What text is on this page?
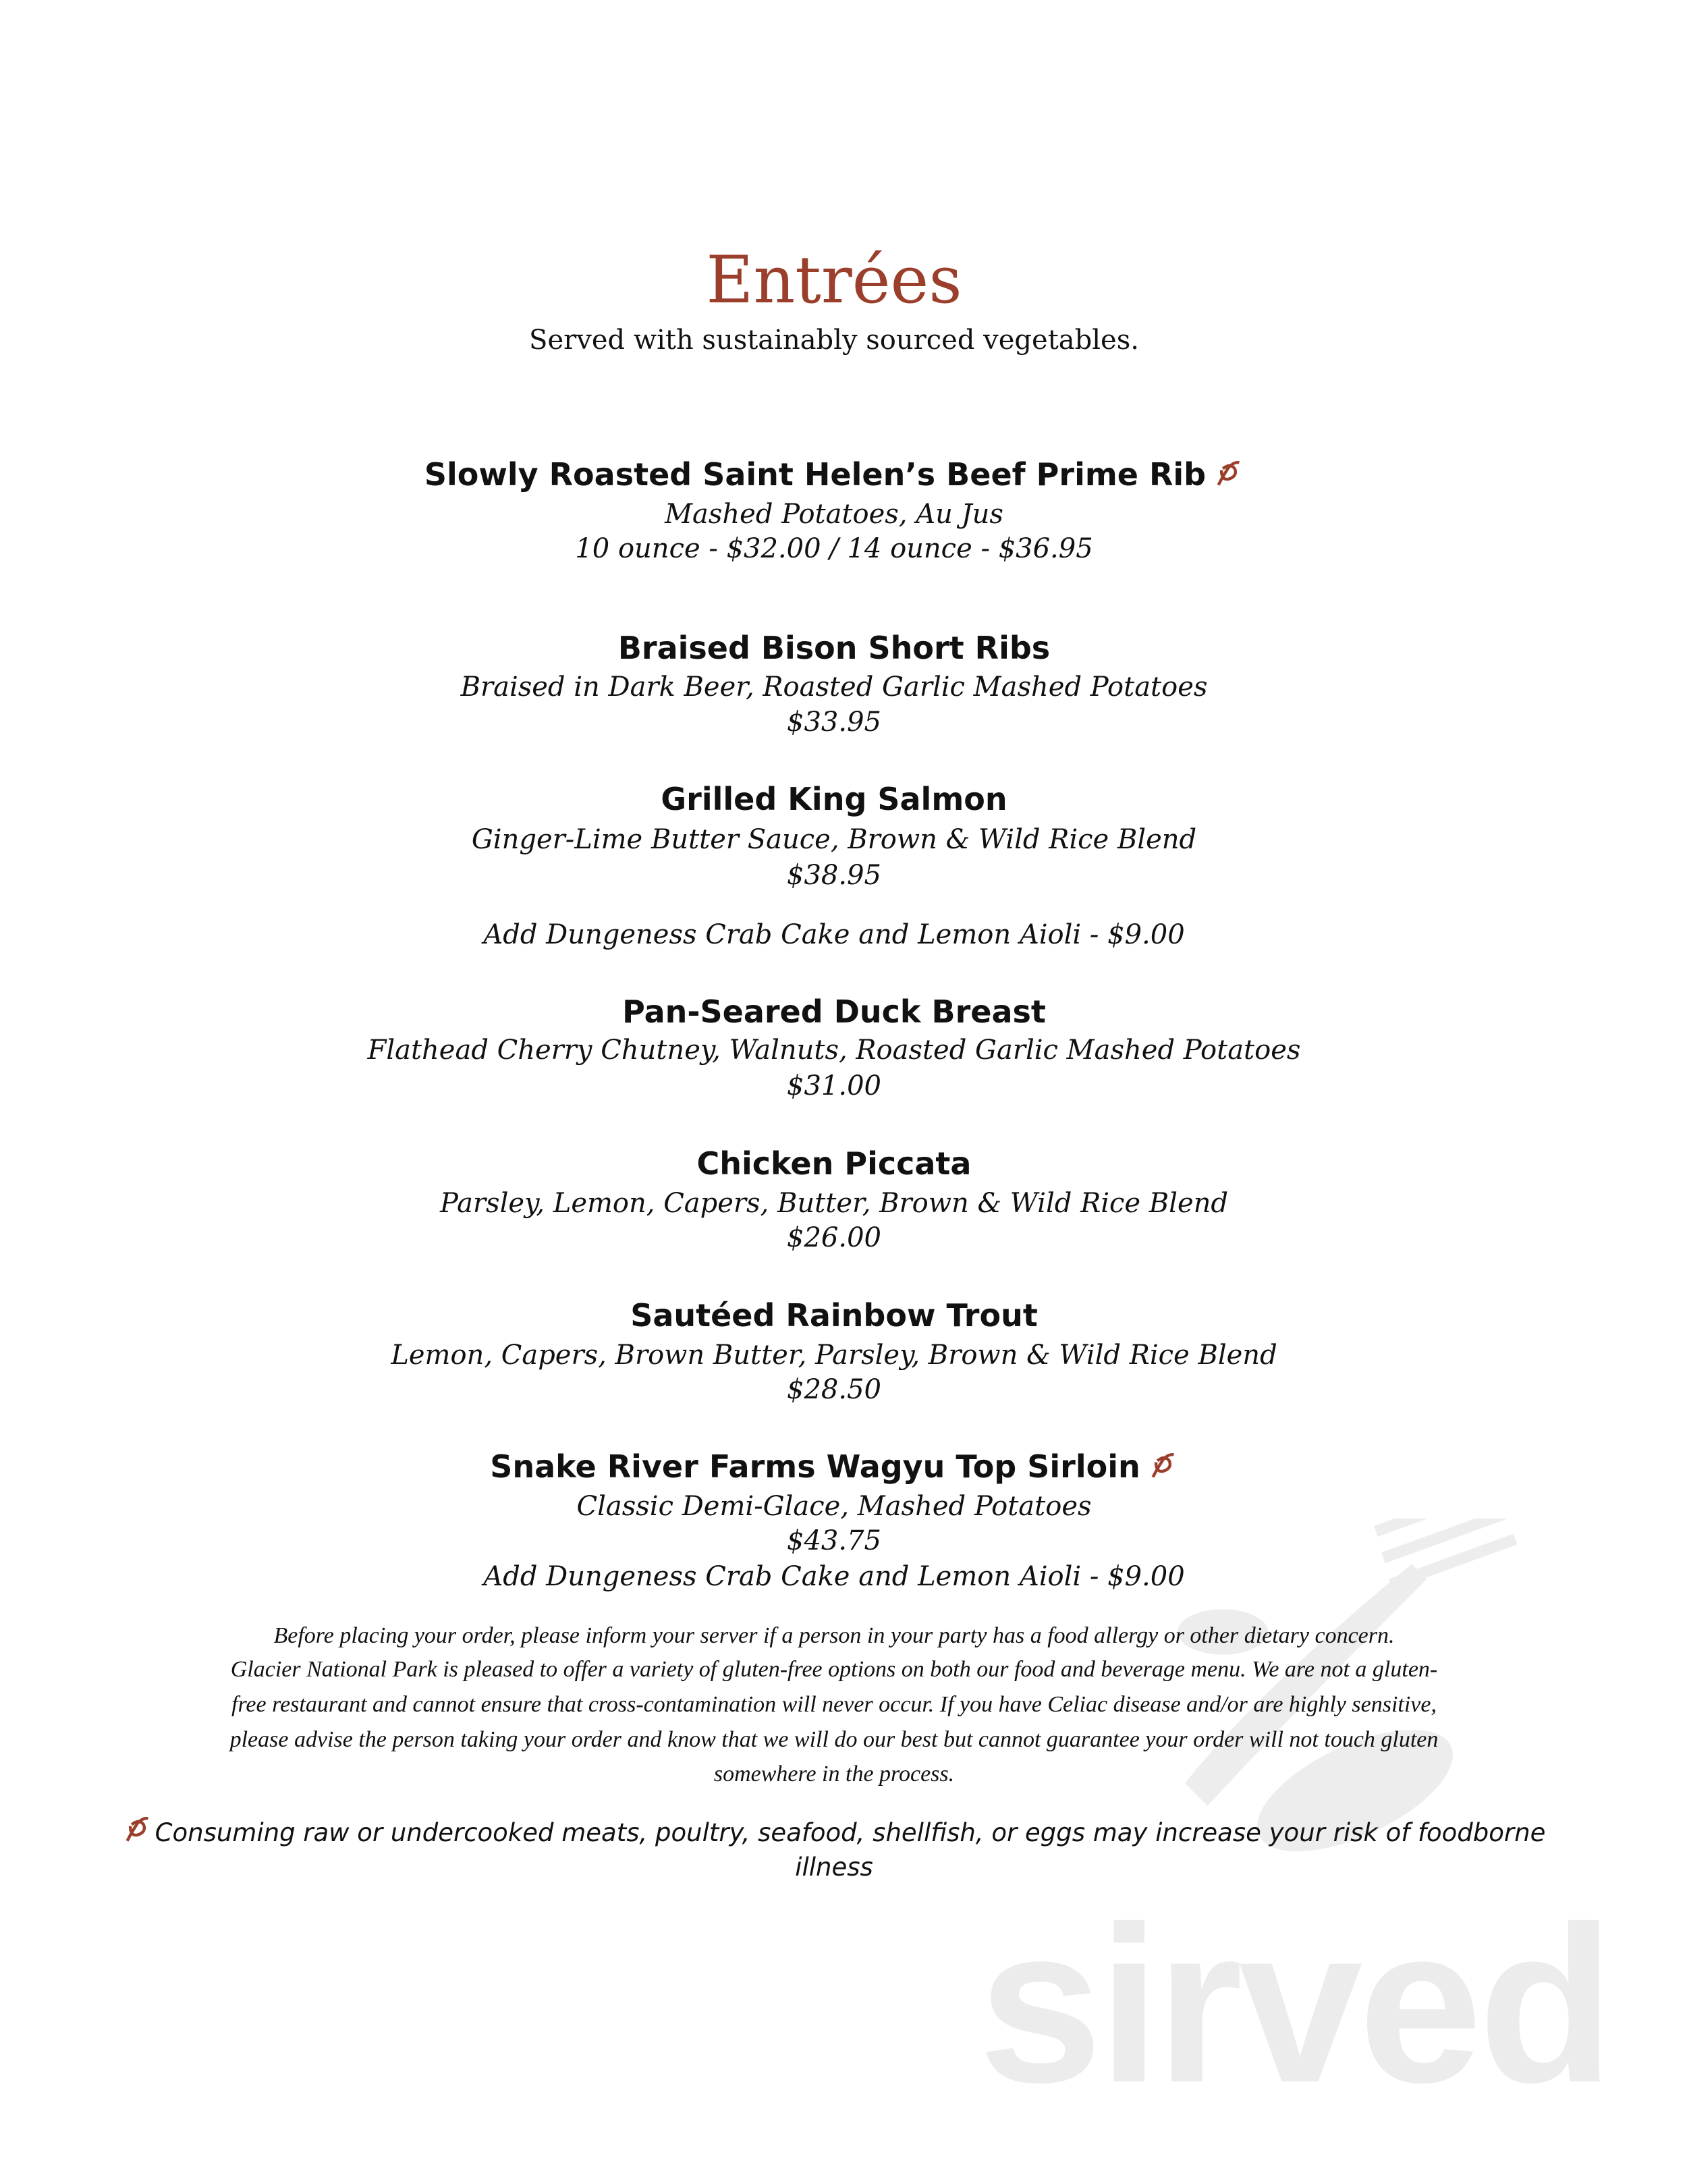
Entrées
Served with sustainably sourced vegetables.
Slowly Roasted Saint Helen’s Beef Prime Rib
Mashed Potatoes, Au Jus
10 ounce - $32.00 / 14 ounce - $36.95
Braised Bison Short Ribs
Braised in Dark Beer, Roasted Garlic Mashed Potatoes
$33.95
Grilled King Salmon
Ginger-Lime Butter Sauce, Brown & Wild Rice Blend
$38.95
Add Dungeness Crab Cake and Lemon Aioli - $9.00
Pan-Seared Duck Breast
Flathead Cherry Chutney, Walnuts, Roasted Garlic Mashed Potatoes
$31.00
Chicken Piccata
Parsley, Lemon, Capers, Butter, Brown & Wild Rice Blend
$26.00
Sautéed Rainbow Trout
Lemon, Capers, Brown Butter, Parsley, Brown & Wild Rice Blend
$28.50
sirved
Snake River Farms Wagyu Top Sirloin
Classic Demi-Glace, Mashed Potatoes
$43.75
Add Dungeness Crab Cake and Lemon Aioli - $9.00
Before placing your order, please inform your server if a person in your party has a food allergy or other dietary concern.
Glacier National Park is pleased to offer a variety of gluten-free options on both our food and beverage menu. We are not a gluten-
free restaurant and cannot ensure that cross-contamination will never occur. If you have Celiac disease and/or are highly sensitive,
please advise the person taking your order and know that we will do our best but cannot guarantee your order will not touch gluten
somewhere in the process.
Consuming raw or undercooked meats, poultry, seafood, shellfish, or eggs may increase your risk of foodborne
illness
